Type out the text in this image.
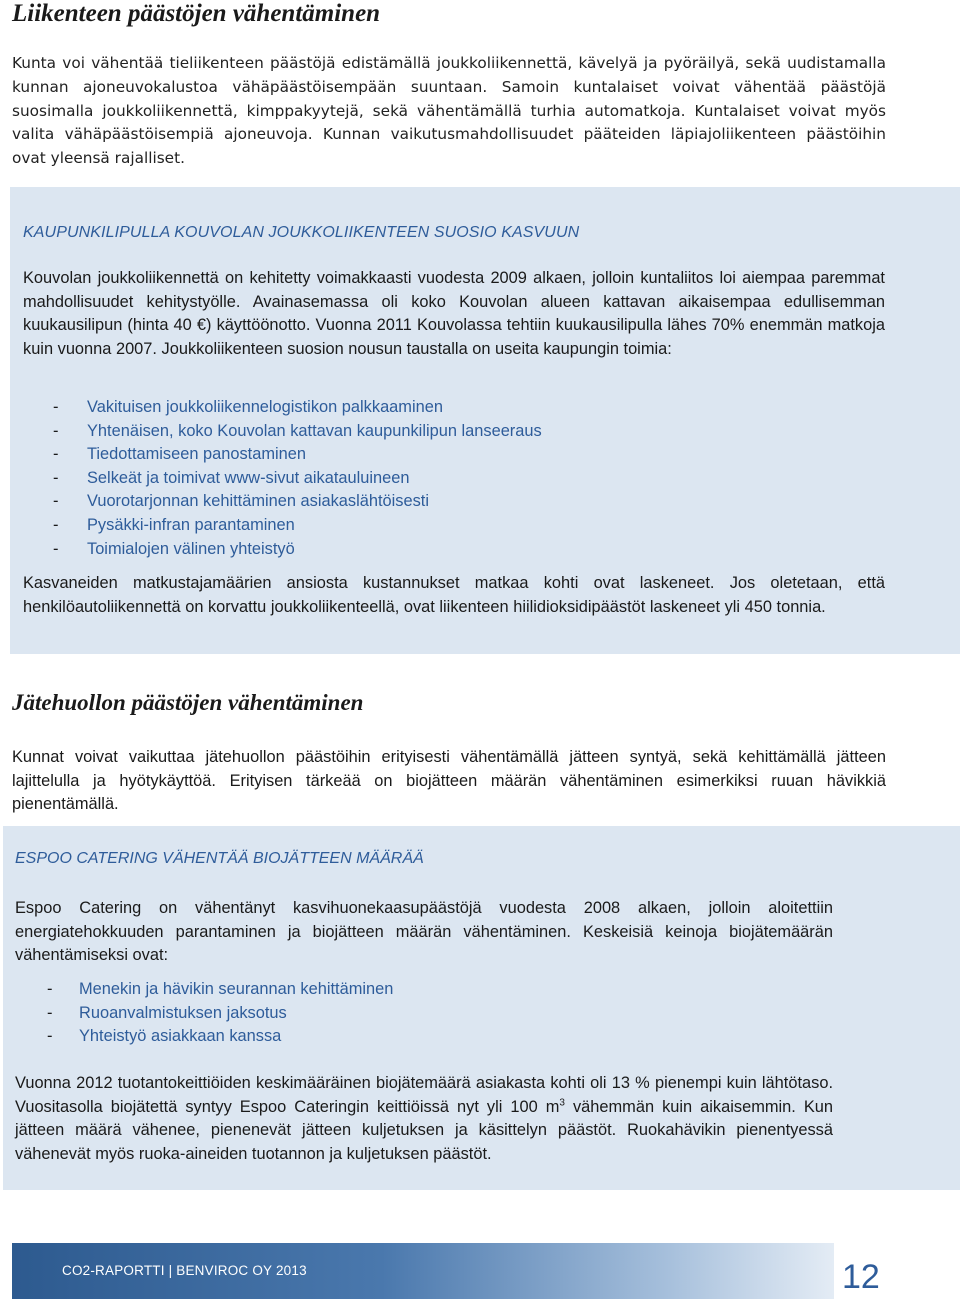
Liikenteen päästöjen vähentäminen

Kunta voi vähentää tieliikenteen päästöjä edistämällä joukkoliikennettä, kävelyä ja pyöräilyä, sekä uudistamalla kunnan ajoneuvokalustoa vähäpäästöisempään suuntaan. Samoin kuntalaiset voivat vähentää päästöjä suosimalla joukkoliikennettä, kimppakyytejä, sekä vähentämällä turhia automatkoja. Kuntalaiset voivat myös valita vähäpäästöisempiä ajoneuvoja. Kunnan vaikutusmahdollisuudet pääteiden läpiajoliikenteen päästöihin ovat yleensä rajalliset.

KAUPUNKILIPULLA KOUVOLAN JOUKKOLIIKENTEEN SUOSIO KASVUUN

Kouvolan joukkoliikennettä on kehitetty voimakkaasti vuodesta 2009 alkaen, jolloin kuntaliitos loi aiempaa paremmat mahdollisuudet kehitystyölle. Avainasemassa oli koko Kouvolan alueen kattavan aikaisempaa edullisemman kuukausilipun (hinta 40 €) käyttöönotto. Vuonna 2011 Kouvolassa tehtiin kuukausilipulla lähes 70% enemmän matkoja kuin vuonna 2007. Joukkoliikenteen suosion nousun taustalla on useita kaupungin toimia:

- Vakituisen joukkoliikennelogistikon palkkaaminen
- Yhtenäisen, koko Kouvolan kattavan kaupunkilipun lanseeraus
- Tiedottamiseen panostaminen
- Selkeät ja toimivat www-sivut aikatauluineen
- Vuorotarjonnan kehittäminen asiakaslähtöisesti
- Pysäkki-infran parantaminen
- Toimialojen välinen yhteistyö

Kasvaneiden matkustajamäärien ansiosta kustannukset matkaa kohti ovat laskeneet. Jos oletetaan, että henkilöautoliikennettä on korvattu joukkoliikenteellä, ovat liikenteen hiilidioksidipäästöt laskeneet yli 450 tonnia.

Jätehuollon päästöjen vähentäminen

Kunnat voivat vaikuttaa jätehuollon päästöihin erityisesti vähentämällä jätteen syntyä, sekä kehittämällä jätteen lajittelulla ja hyötykäyttöä. Erityisen tärkeää on biojätteen määrän vähentäminen esimerkiksi ruuan hävikkiä pienentämällä.

ESPOO CATERING VÄHENTÄÄ BIOJÄTTEEN MÄÄRÄÄ

Espoo Catering on vähentänyt kasvihuonekaasupäästöjä vuodesta 2008 alkaen, jolloin aloitettiin energiatehokkuuden parantaminen ja biojätteen määrän vähentäminen. Keskeisiä keinoja biojätemäärän vähentämiseksi ovat:

- Menekin ja hävikin seurannan kehittäminen
- Ruoanvalmistuksen jaksotus
- Yhteistyö asiakkaan kanssa

Vuonna 2012 tuotantokeittiöiden keskimääräinen biojätemäärä asiakasta kohti oli 13 % pienempi kuin lähtötaso. Vuositasolla biojätettä syntyy Espoo Cateringin keittiöissä nyt yli 100 $m^3$ vähemmän kuin aikaisemmin. Kun jätteen määrä vähenee, pienenevät jätteen kuljetuksen ja käsittelyn päästöt. Ruokahävikin pienentyessä vähenevät myös ruoka-aineiden tuotannon ja kuljetuksen päästöt.

CO2-RAPORTTI | BENVIROC OY 2013	12
